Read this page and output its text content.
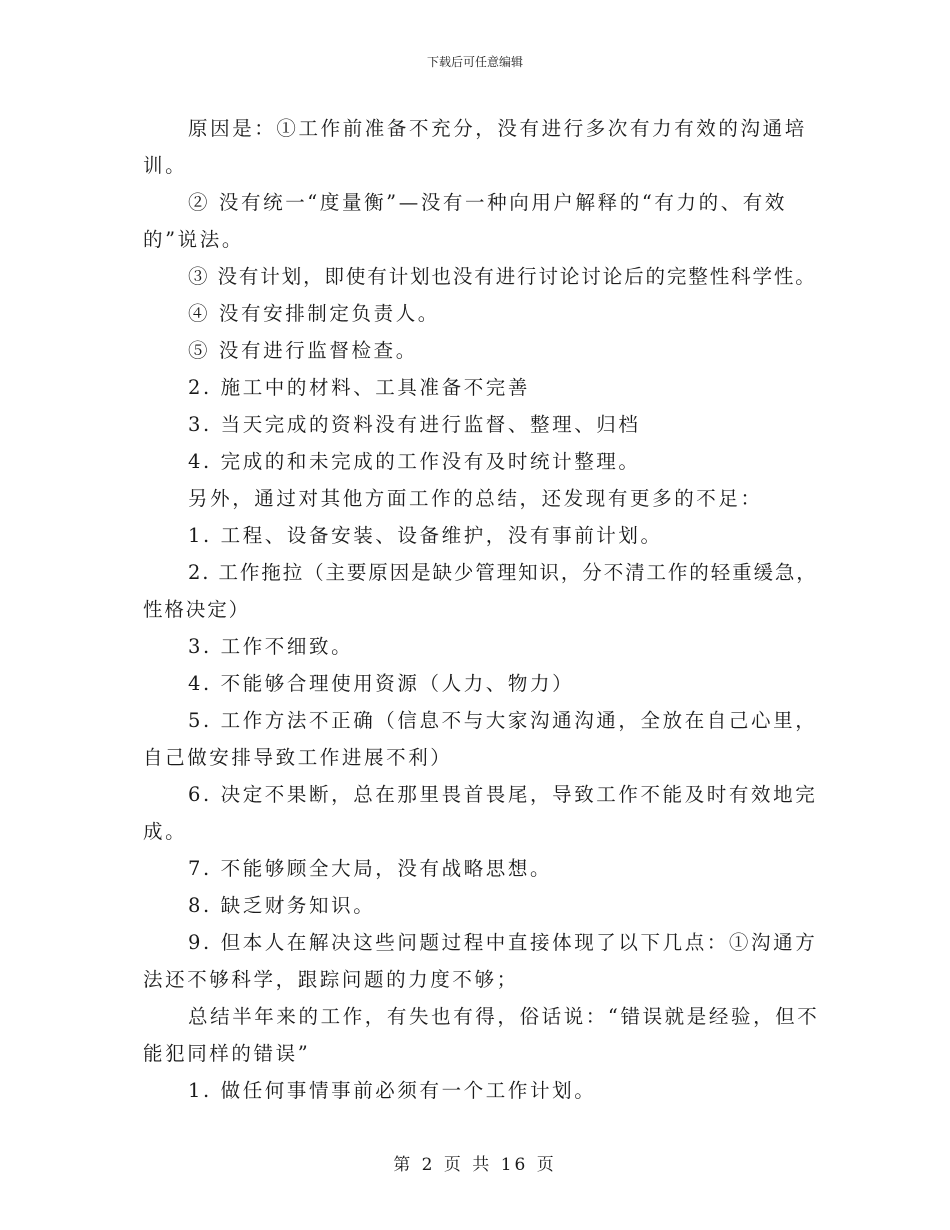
下载后可任意编辑

原因是：①工作前准备不充分，没有进行多次有力有效的沟通培训。

② 没有统一“度量衡”—没有一种向用户解释的“有力的、有效的”说法。

③ 没有计划，即使有计划也没有进行讨论讨论后的完整性科学性。

④ 没有安排制定负责人。

⑤ 没有进行监督检查。

2. 施工中的材料、工具准备不完善

3. 当天完成的资料没有进行监督、整理、归档

4. 完成的和未完成的工作没有及时统计整理。

另外，通过对其他方面工作的总结，还发现有更多的不足：

1. 工程、设备安装、设备维护，没有事前计划。

2. 工作拖拉（主要原因是缺少管理知识，分不清工作的轻重缓急，性格决定）

3. 工作不细致。

4. 不能够合理使用资源（人力、物力）

5. 工作方法不正确（信息不与大家沟通沟通，全放在自己心里，自己做安排导致工作进展不利）

6. 决定不果断，总在那里畏首畏尾，导致工作不能及时有效地完成。

7. 不能够顾全大局，没有战略思想。

8. 缺乏财务知识。

9. 但本人在解决这些问题过程中直接体现了以下几点：①沟通方法还不够科学，跟踪问题的力度不够；

总结半年来的工作，有失也有得，俗话说：“错误就是经验，但不能犯同样的错误”

1. 做任何事情事前必须有一个工作计划。

第 2 页 共 16 页
